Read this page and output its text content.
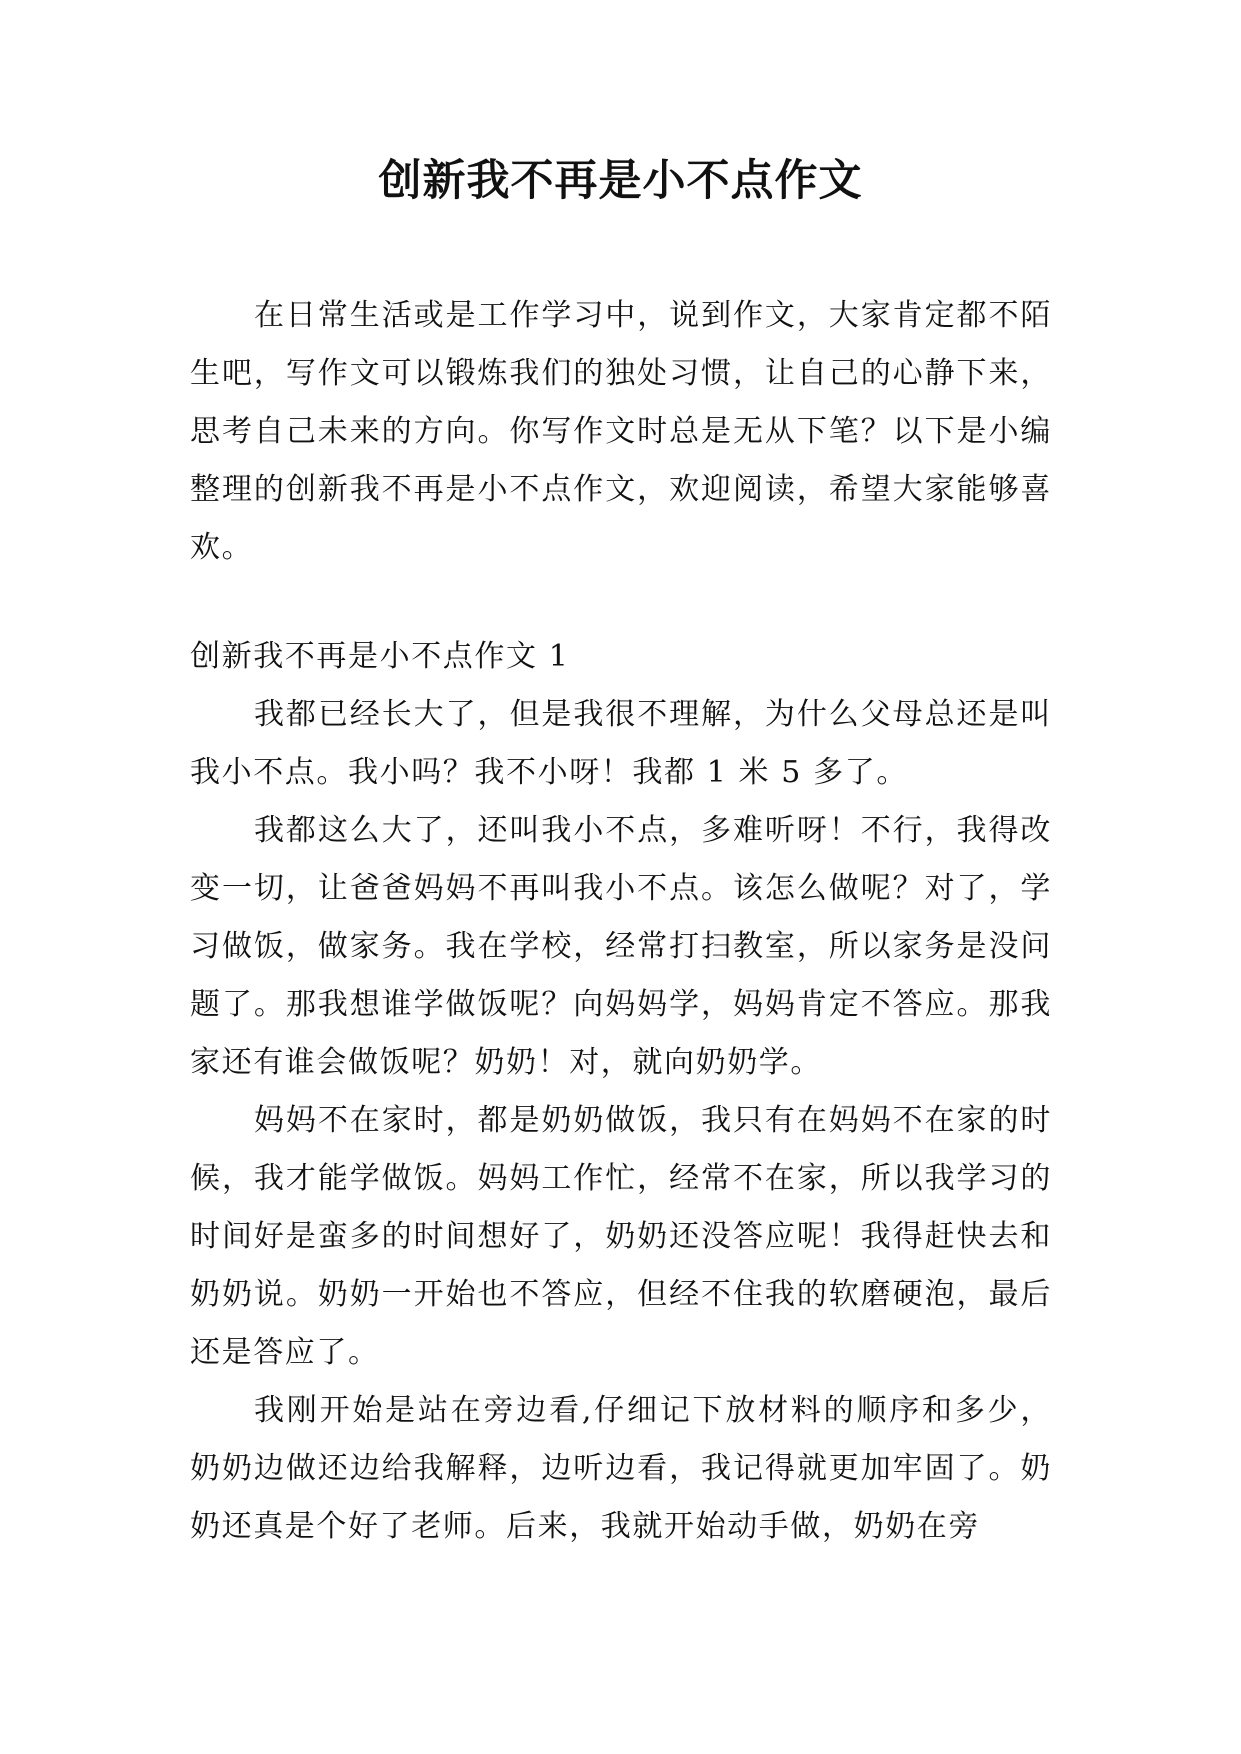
创新我不再是小不点作文

在日常生活或是工作学习中，说到作文，大家肯定都不陌生吧，写作文可以锻炼我们的独处习惯，让自己的心静下来，思考自己未来的方向。你写作文时总是无从下笔？以下是小编整理的创新我不再是小不点作文，欢迎阅读，希望大家能够喜欢。

创新我不再是小不点作文 1

我都已经长大了，但是我很不理解，为什么父母总还是叫我小不点。我小吗？我不小呀！我都 1 米 5 多了。

我都这么大了，还叫我小不点，多难听呀！不行，我得改变一切，让爸爸妈妈不再叫我小不点。该怎么做呢？对了，学习做饭，做家务。我在学校，经常打扫教室，所以家务是没问题了。那我想谁学做饭呢？向妈妈学，妈妈肯定不答应。那我家还有谁会做饭呢？奶奶！对，就向奶奶学。

妈妈不在家时，都是奶奶做饭，我只有在妈妈不在家的时候，我才能学做饭。妈妈工作忙，经常不在家，所以我学习的时间好是蛮多的时间想好了，奶奶还没答应呢！我得赶快去和奶奶说。奶奶一开始也不答应，但经不住我的软磨硬泡，最后还是答应了。

我刚开始是站在旁边看,仔细记下放材料的顺序和多少，奶奶边做还边给我解释，边听边看，我记得就更加牢固了。奶奶还真是个好了老师。后来，我就开始动手做，奶奶在旁
